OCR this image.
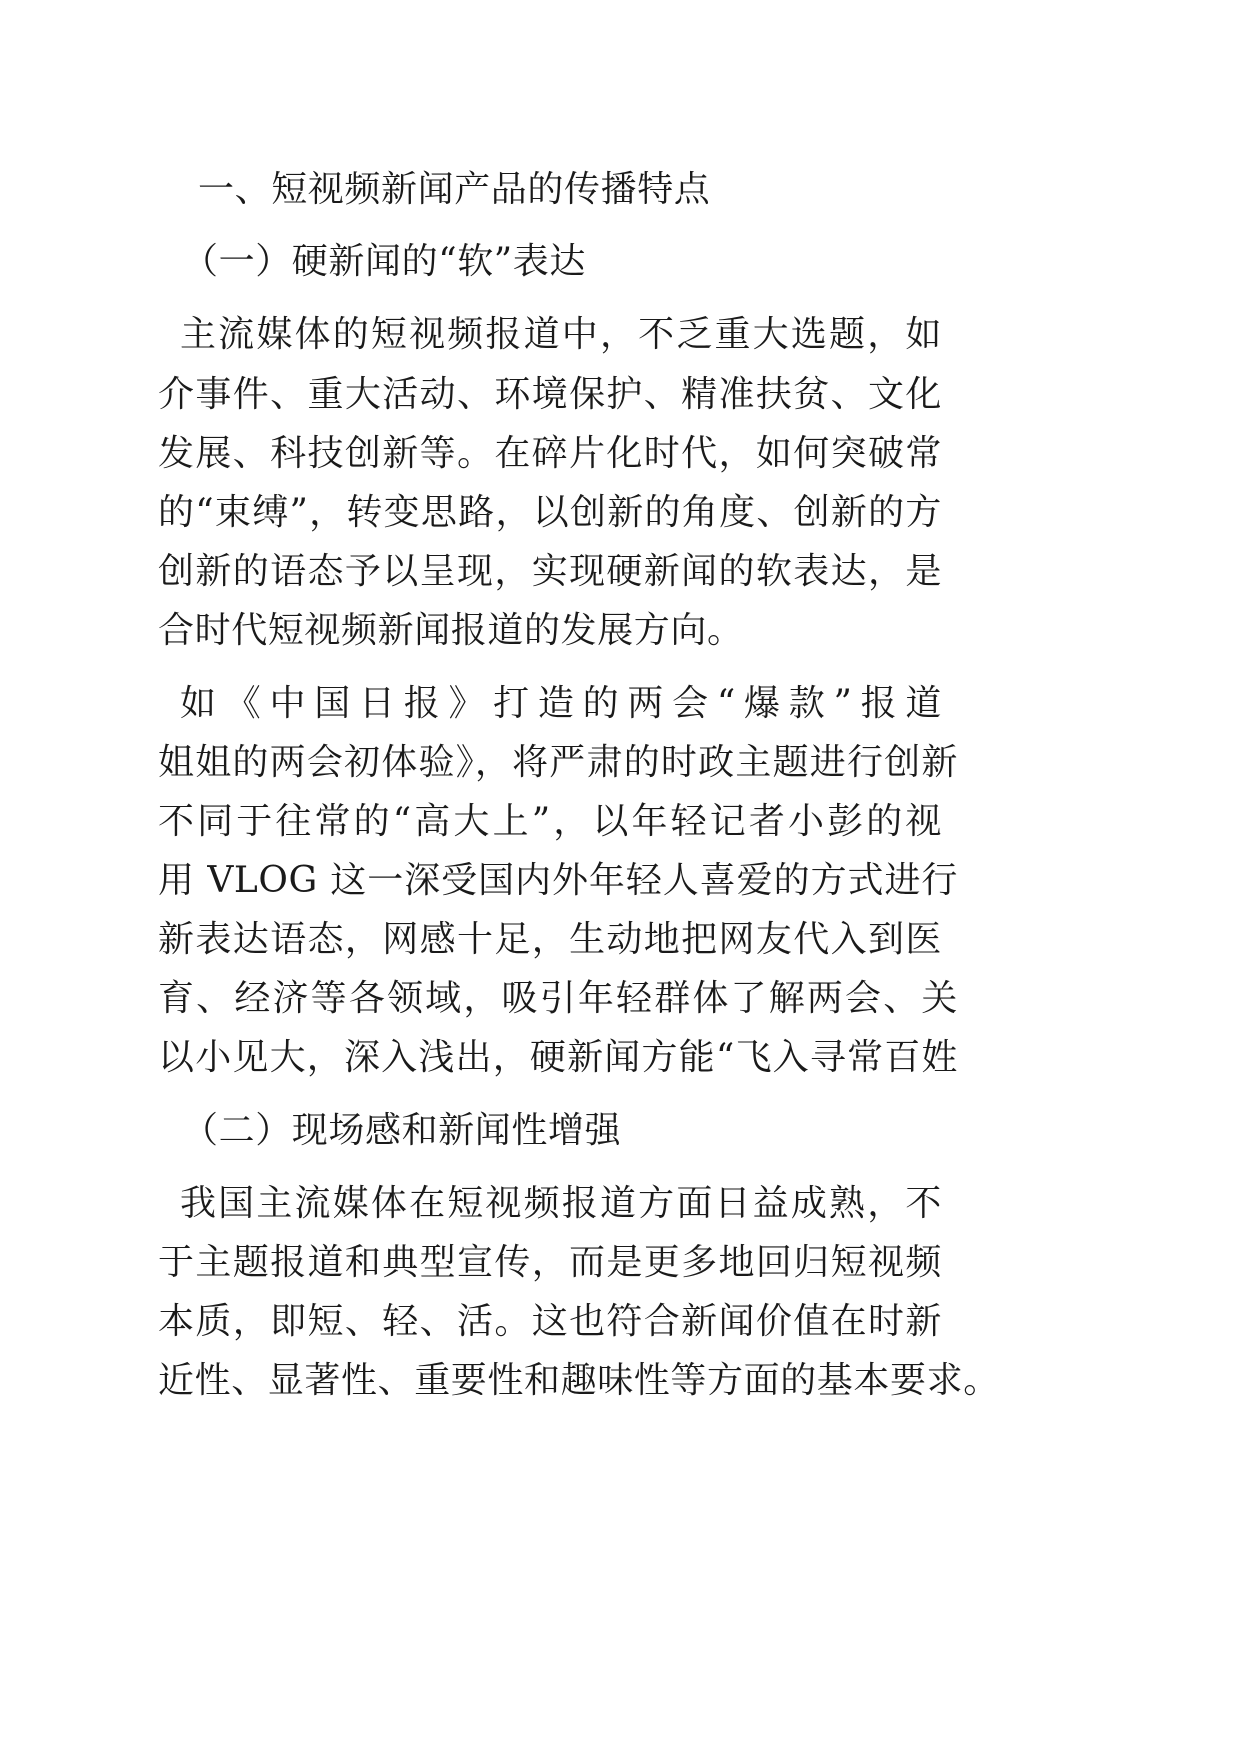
一、短视频新闻产品的传播特点
（一）硬新闻的“软”表达
主流媒体的短视频报道中，不乏重大选题，如
介事件、重大活动、环境保护、精准扶贫、文化
发展、科技创新等。在碎片化时代，如何突破常
的“束缚”，转变思路，以创新的角度、创新的方
创新的语态予以呈现，实现硬新闻的软表达，是
合时代短视频新闻报道的发展方向。
如《中国日报》打造的两会“爆款”报道
姐姐的两会初体验》，将严肃的时政主题进行创新
不同于往常的“高大上”，以年轻记者小彭的视
用 VLOG 这一深受国内外年轻人喜爱的方式进行
新表达语态，网感十足，生动地把网友代入到医
育、经济等各领域，吸引年轻群体了解两会、关
以小见大，深入浅出，硬新闻方能“飞入寻常百姓
（二）现场感和新闻性增强
我国主流媒体在短视频报道方面日益成熟，不
于主题报道和典型宣传，而是更多地回归短视频
本质，即短、轻、活。这也符合新闻价值在时新
近性、显著性、重要性和趣味性等方面的基本要求。
